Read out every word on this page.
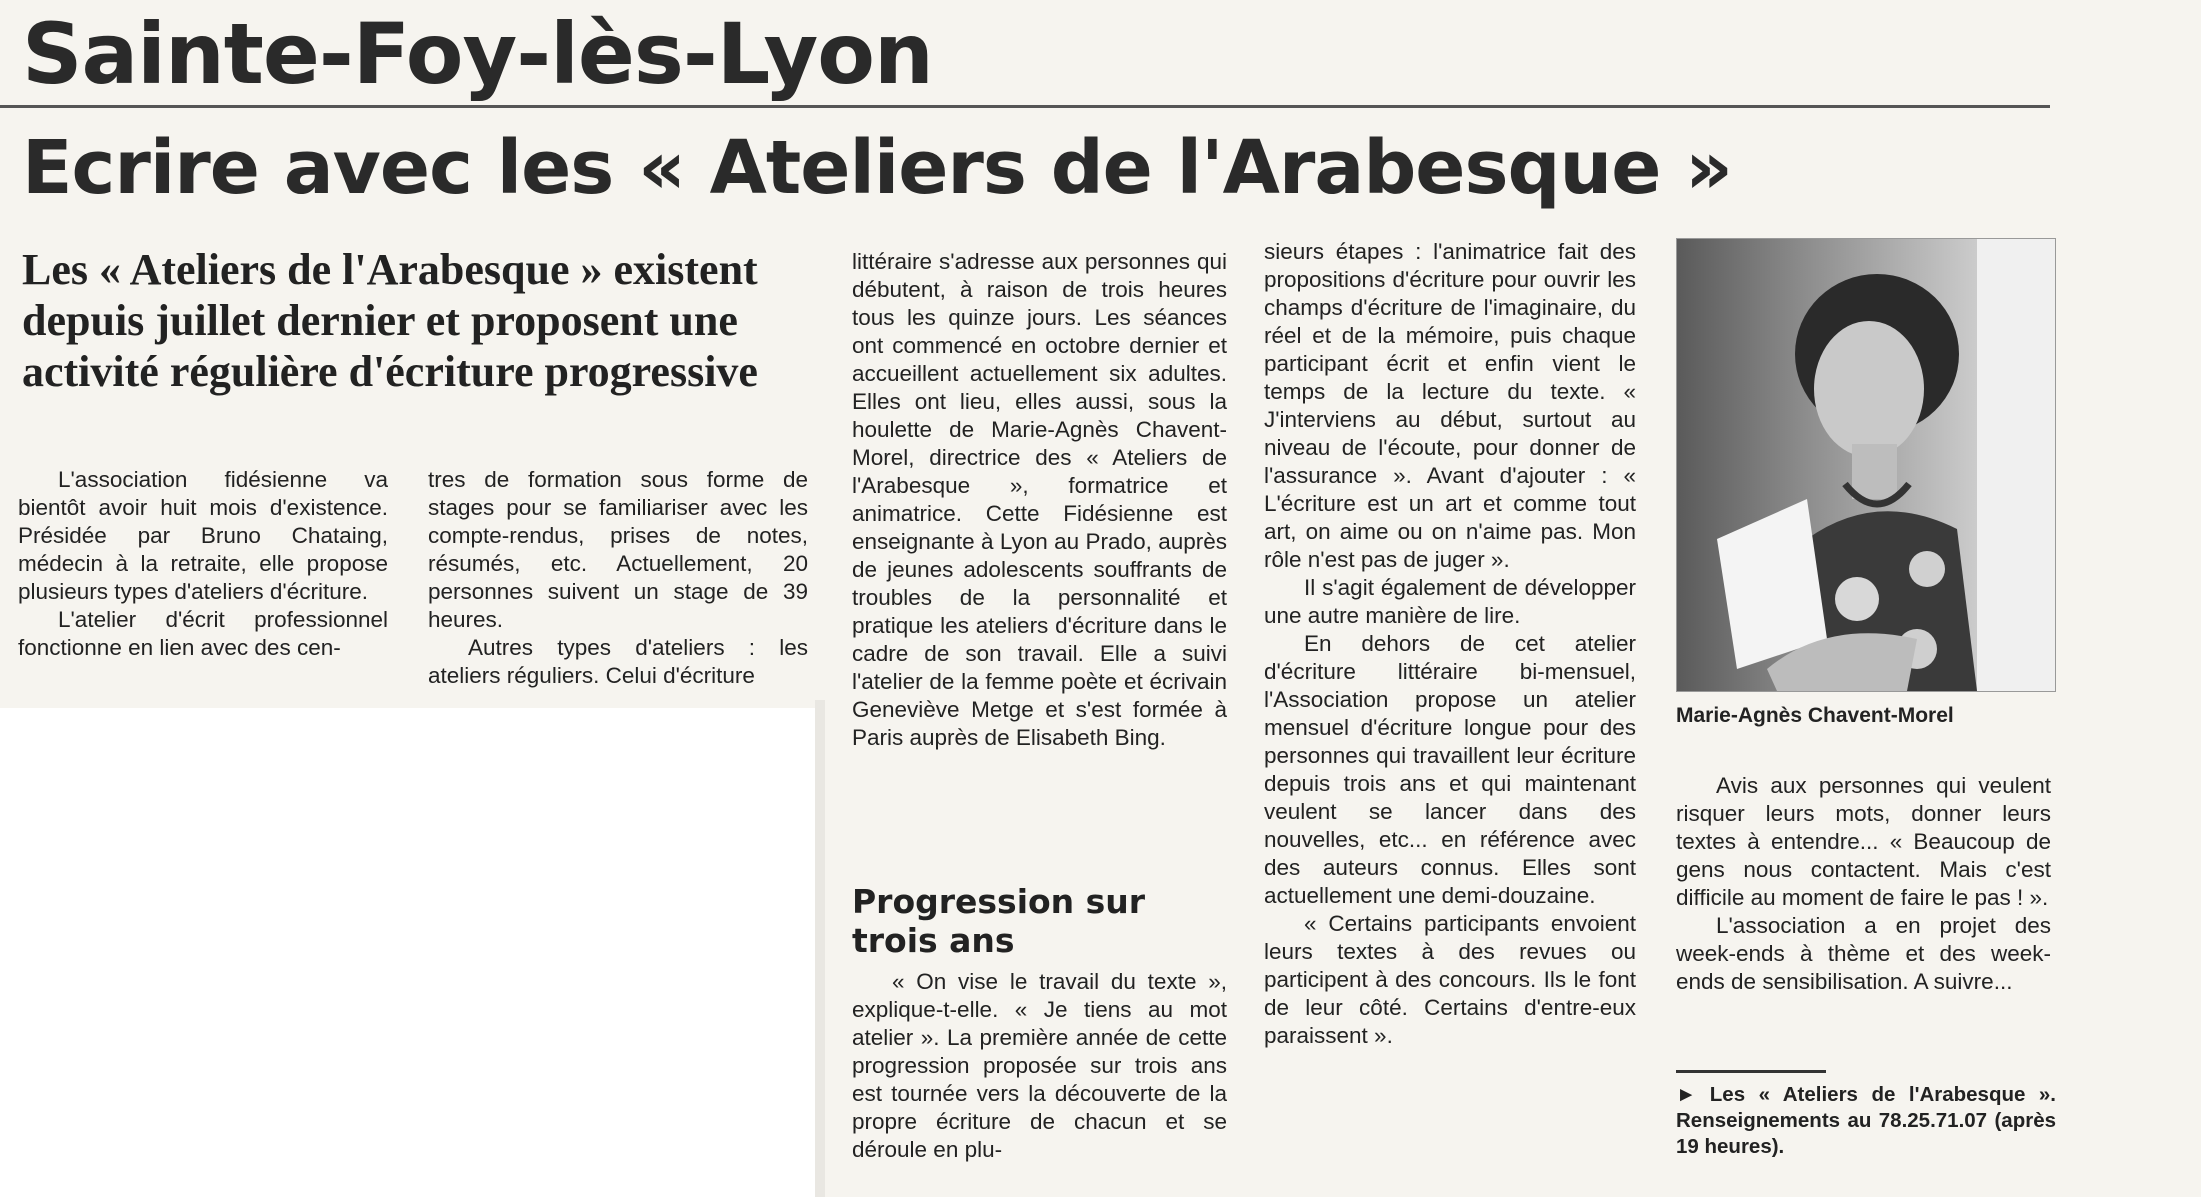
Sainte-Foy-lès-Lyon
Ecrire avec les « Ateliers de l'Arabesque »
Les « Ateliers de l'Arabesque » existent depuis juillet dernier et proposent une activité régulière d'écriture progressive

L'association fidésienne va bientôt avoir huit mois d'existence. Présidée par Bruno Chataing, médecin à la retraite, elle propose plusieurs types d'ateliers d'écriture.

L'atelier d'écrit professionnel fonctionne en lien avec des cen-

tres de formation sous forme de stages pour se familiariser avec les compte-rendus, prises de notes, résumés, etc. Actuellement, 20 personnes suivent un stage de 39 heures.

Autres types d'ateliers : les ateliers réguliers. Celui d'écriture

littéraire s'adresse aux personnes qui débutent, à raison de trois heures tous les quinze jours. Les séances ont commencé en octobre dernier et accueillent actuellement six adultes. Elles ont lieu, elles aussi, sous la houlette de Marie-Agnès Chavent-Morel, directrice des « Ateliers de l'Arabesque », formatrice et animatrice. Cette Fidésienne est enseignante à Lyon au Prado, auprès de jeunes adolescents souffrants de troubles de la personnalité et pratique les ateliers d'écriture dans le cadre de son travail. Elle a suivi l'atelier de la femme poète et écrivain Geneviève Metge et s'est formée à Paris auprès de Elisabeth Bing.

Progression sur trois ans

« On vise le travail du texte », explique-t-elle. « Je tiens au mot atelier ». La première année de cette progression proposée sur trois ans est tournée vers la découverte de la propre écriture de chacun et se déroule en plu-

sieurs étapes : l'animatrice fait des propositions d'écriture pour ouvrir les champs d'écriture de l'imaginaire, du réel et de la mémoire, puis chaque participant écrit et enfin vient le temps de la lecture du texte. « J'interviens au début, surtout au niveau de l'écoute, pour donner de l'assurance ». Avant d'ajouter : « L'écriture est un art et comme tout art, on aime ou on n'aime pas. Mon rôle n'est pas de juger ».

Il s'agit également de développer une autre manière de lire.

En dehors de cet atelier d'écriture littéraire bi-mensuel, l'Association propose un atelier mensuel d'écriture longue pour des personnes qui travaillent leur écriture depuis trois ans et qui maintenant veulent se lancer dans des nouvelles, etc... en référence avec des auteurs connus. Elles sont actuellement une demi-douzaine.

« Certains participants envoient leurs textes à des revues ou participent à des concours. Ils le font de leur côté. Certains d'entre-eux paraissent ».

Marie-Agnès Chavent-Morel

Avis aux personnes qui veulent risquer leurs mots, donner leurs textes à entendre... « Beaucoup de gens nous contactent. Mais c'est difficile au moment de faire le pas ! ».

L'association a en projet des week-ends à thème et des week-ends de sensibilisation. A suivre...

► Les « Ateliers de l'Arabesque ». Renseignements au 78.25.71.07 (après 19 heures).
